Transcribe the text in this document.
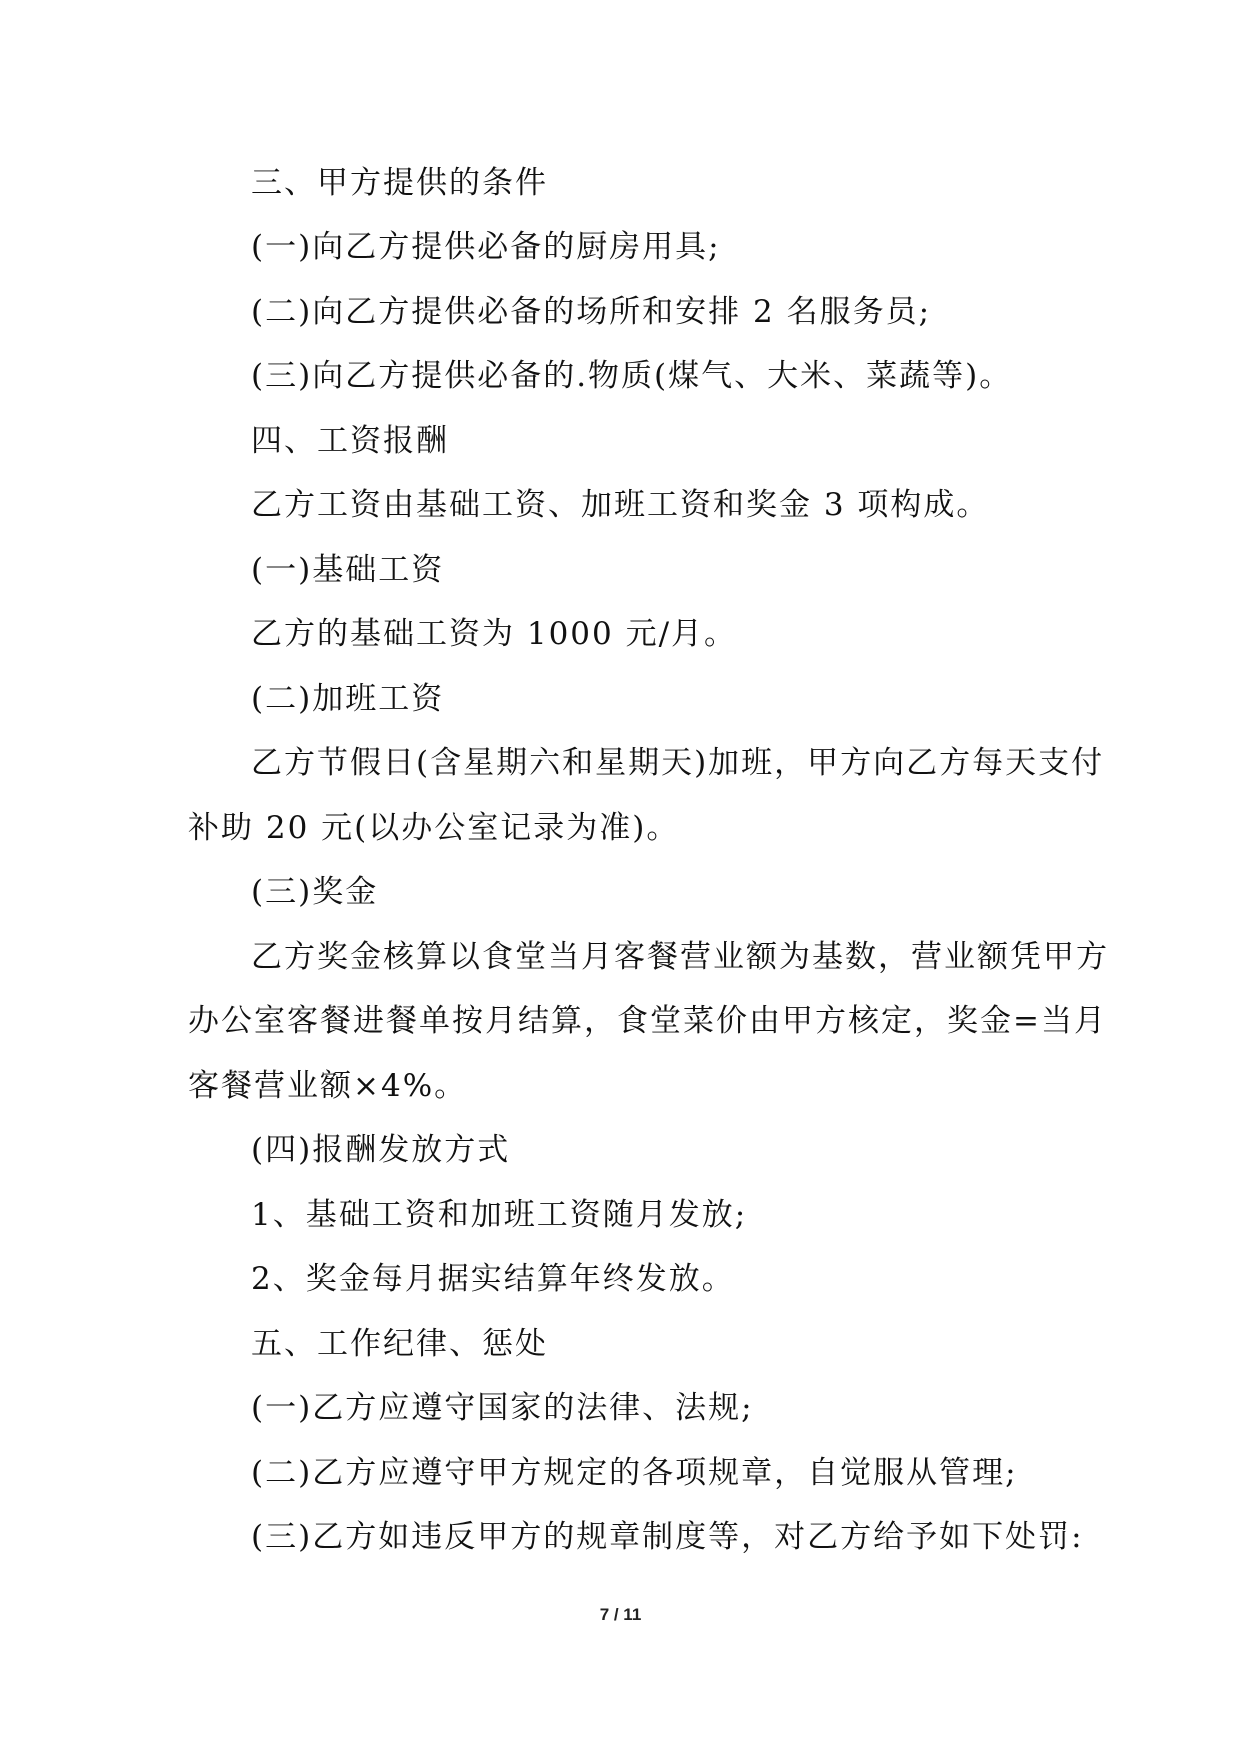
三、甲方提供的条件
(一)向乙方提供必备的厨房用具;
(二)向乙方提供必备的场所和安排 2 名服务员;
(三)向乙方提供必备的.物质(煤气、大米、菜蔬等)。
四、工资报酬
乙方工资由基础工资、加班工资和奖金 3 项构成。
(一)基础工资
乙方的基础工资为 1000 元/月。
(二)加班工资
乙方节假日(含星期六和星期天)加班，甲方向乙方每天支付
补助 20 元(以办公室记录为准)。
(三)奖金
乙方奖金核算以食堂当月客餐营业额为基数，营业额凭甲方
办公室客餐进餐单按月结算，食堂菜价由甲方核定，奖金=当月
客餐营业额×4%。
(四)报酬发放方式
1、基础工资和加班工资随月发放;
2、奖金每月据实结算年终发放。
五、工作纪律、惩处
(一)乙方应遵守国家的法律、法规;
(二)乙方应遵守甲方规定的各项规章，自觉服从管理;
(三)乙方如违反甲方的规章制度等，对乙方给予如下处罚:
7 / 11
